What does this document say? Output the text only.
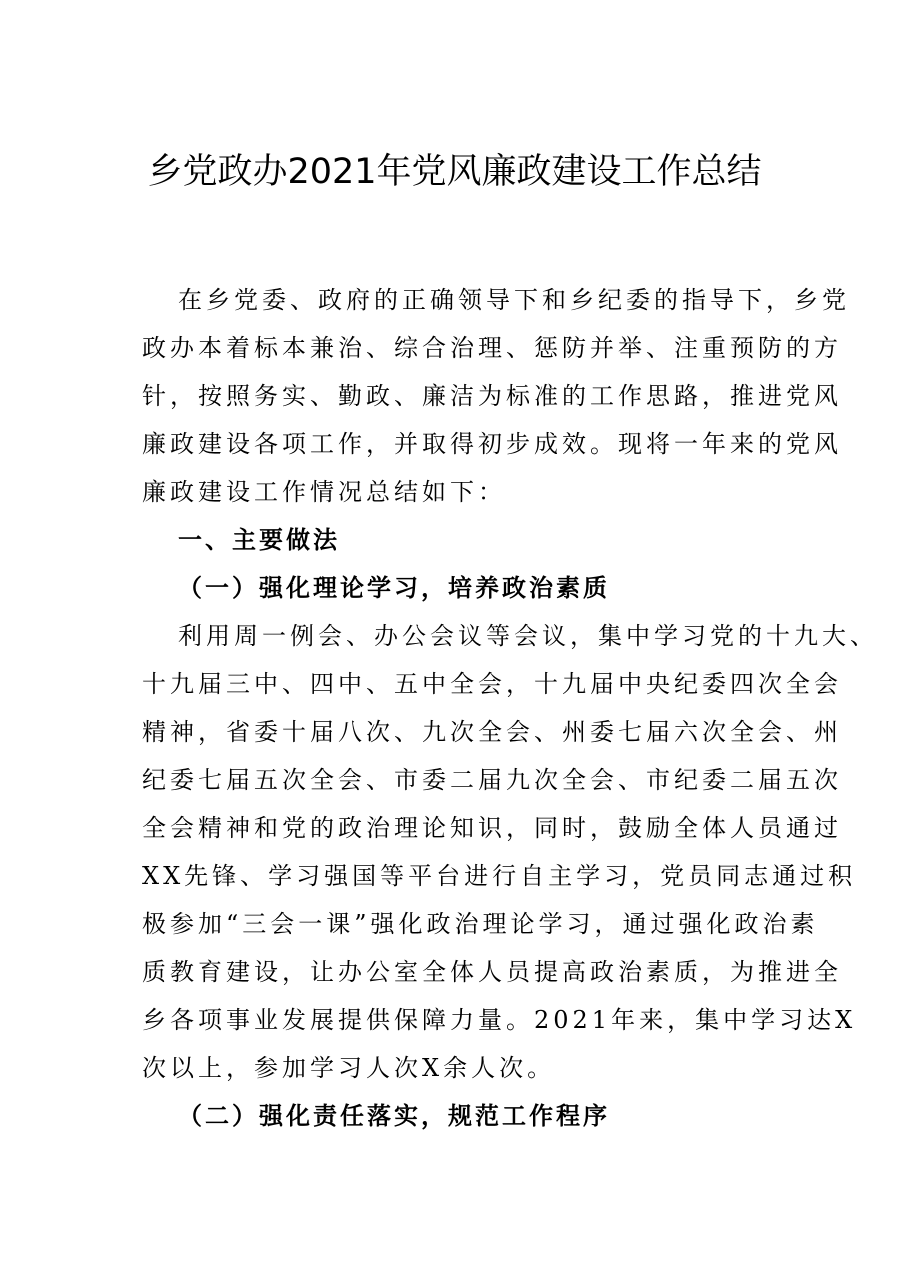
乡党政办2021年党风廉政建设工作总结
在乡党委、政府的正确领导下和乡纪委的指导下，乡党
政办本着标本兼治、综合治理、惩防并举、注重预防的方
针，按照务实、勤政、廉洁为标准的工作思路，推进党风
廉政建设各项工作，并取得初步成效。现将一年来的党风
廉政建设工作情况总结如下：
一、主要做法
（一）强化理论学习，培养政治素质
利用周一例会、办公会议等会议，集中学习党的十九大、
十九届三中、四中、五中全会，十九届中央纪委四次全会
精神，省委十届八次、九次全会、州委七届六次全会、州
纪委七届五次全会、市委二届九次全会、市纪委二届五次
全会精神和党的政治理论知识，同时，鼓励全体人员通过
XX先锋、学习强国等平台进行自主学习，党员同志通过积
极参加“三会一课”强化政治理论学习，通过强化政治素
质教育建设，让办公室全体人员提高政治素质，为推进全
乡各项事业发展提供保障力量。2021年来，集中学习达X
次以上，参加学习人次X余人次。
（二）强化责任落实，规范工作程序
